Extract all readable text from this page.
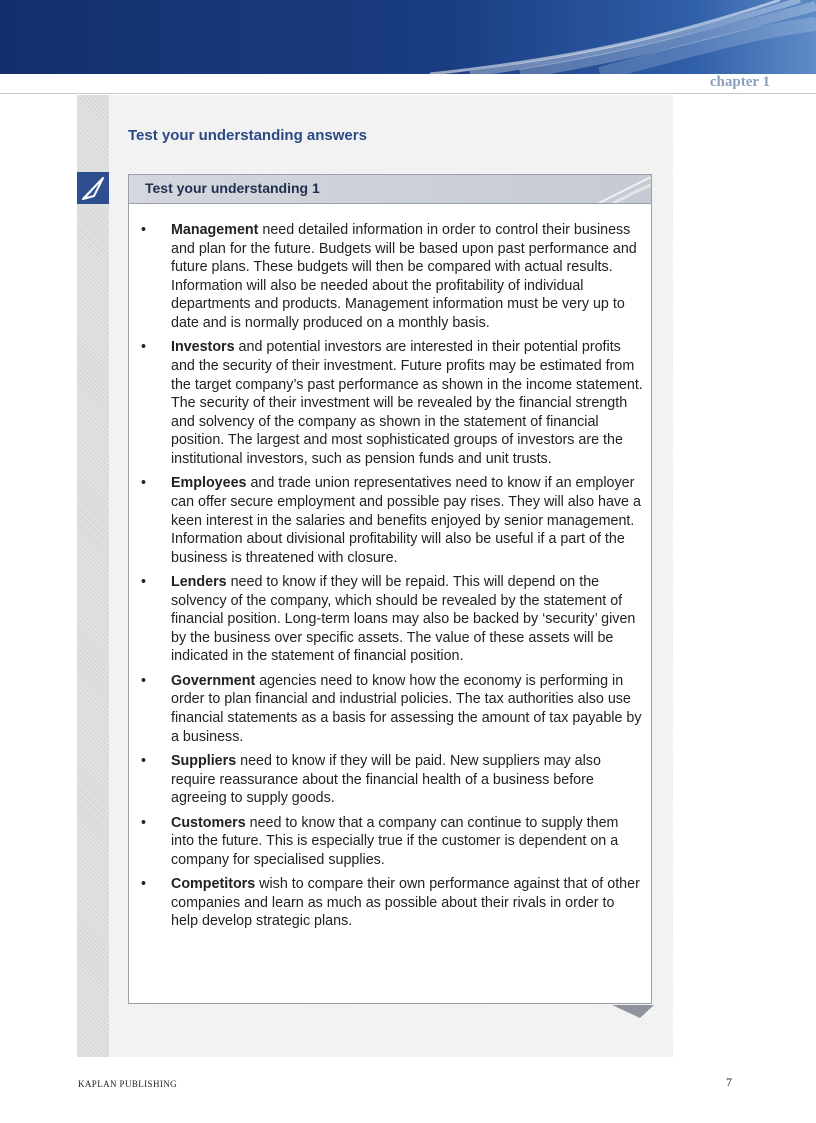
chapter 1
Test your understanding answers
Test your understanding 1
• Management need detailed information in order to control their business and plan for the future. Budgets will be based upon past performance and future plans. These budgets will then be compared with actual results. Information will also be needed about the profitability of individual departments and products. Management information must be very up to date and is normally produced on a monthly basis.
• Investors and potential investors are interested in their potential profits and the security of their investment. Future profits may be estimated from the target company’s past performance as shown in the income statement. The security of their investment will be revealed by the financial strength and solvency of the company as shown in the statement of financial position. The largest and most sophisticated groups of investors are the institutional investors, such as pension funds and unit trusts.
• Employees and trade union representatives need to know if an employer can offer secure employment and possible pay rises. They will also have a keen interest in the salaries and benefits enjoyed by senior management. Information about divisional profitability will also be useful if a part of the business is threatened with closure.
• Lenders need to know if they will be repaid. This will depend on the solvency of the company, which should be revealed by the statement of financial position. Long-term loans may also be backed by ‘security’ given by the business over specific assets. The value of these assets will be indicated in the statement of financial position.
• Government agencies need to know how the economy is performing in order to plan financial and industrial policies. The tax authorities also use financial statements as a basis for assessing the amount of tax payable by a business.
• Suppliers need to know if they will be paid. New suppliers may also require reassurance about the financial health of a business before agreeing to supply goods.
• Customers need to know that a company can continue to supply them into the future. This is especially true if the customer is dependent on a company for specialised supplies.
• Competitors wish to compare their own performance against that of other companies and learn as much as possible about their rivals in order to help develop strategic plans.
KAPLAN PUBLISHING	7
